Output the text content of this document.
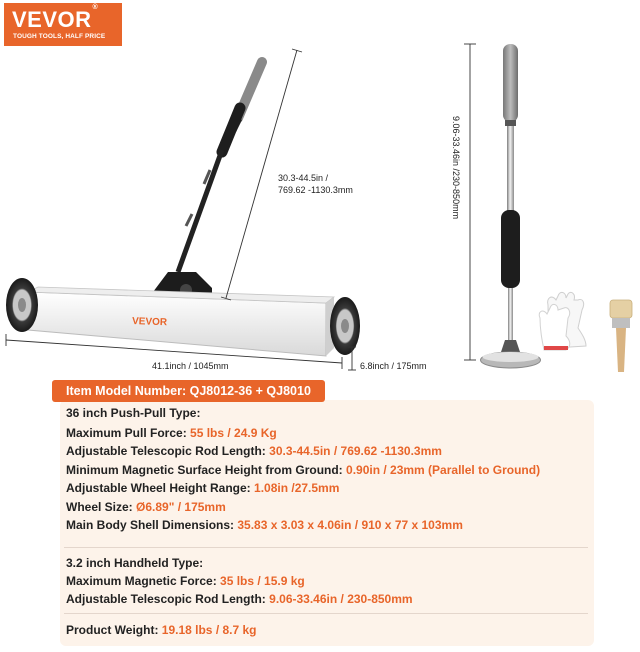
VEVOR®
TOUGH TOOLS, HALF PRICE
VEVOR
30.3-44.5in /
769.62 -1130.3mm
41.1inch / 1045mm	6.8inch / 175mm
9.06-33.46in /230-850mm
Item Model Number: QJ8012-36 + QJ8010
36 inch Push-Pull Type:
Maximum Pull Force: 55 lbs / 24.9 Kg
Adjustable Telescopic Rod Length: 30.3-44.5in / 769.62 -1130.3mm
Minimum Magnetic Surface Height from Ground: 0.90in / 23mm (Parallel to Ground)
Adjustable Wheel Height Range: 1.08in /27.5mm
Wheel Size: Ø6.89" / 175mm
Main Body Shell Dimensions: 35.83 x 3.03 x 4.06in / 910 x 77 x 103mm
3.2 inch Handheld Type:
Maximum Magnetic Force: 35 lbs / 15.9 kg
Adjustable Telescopic Rod Length: 9.06-33.46in / 230-850mm
Product Weight: 19.18 lbs / 8.7 kg
